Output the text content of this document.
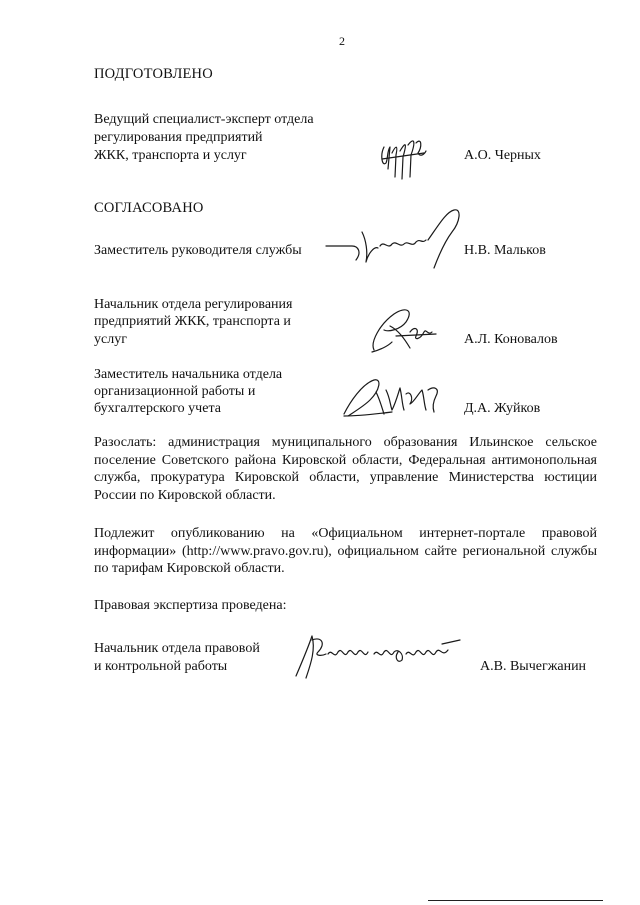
2
ПОДГОТОВЛЕНО
Ведущий специалист-эксперт отдела
регулирования предприятий
ЖКК, транспорта и услуг	А.О. Черных
СОГЛАСОВАНО
Заместитель руководителя службы	Н.В. Мальков
Начальник отдела регулирования
предприятий ЖКК, транспорта и
услуг	А.Л. Коновалов
Заместитель начальника отдела
организационной работы и
бухгалтерского учета	Д.А. Жуйков
Разослать: администрация муниципального образования Ильинское сельское поселение Советского района Кировской области, Федеральная антимонопольная служба, прокуратура Кировской области, управление Министерства юстиции России по Кировской области.
Подлежит опубликованию на «Официальном интернет-портале правовой информации» (http://www.pravo.gov.ru), официальном сайте региональной службы по тарифам Кировской области.
Правовая экспертиза проведена:
Начальник отдела правовой
и контрольной работы	А.В. Вычегжанин
